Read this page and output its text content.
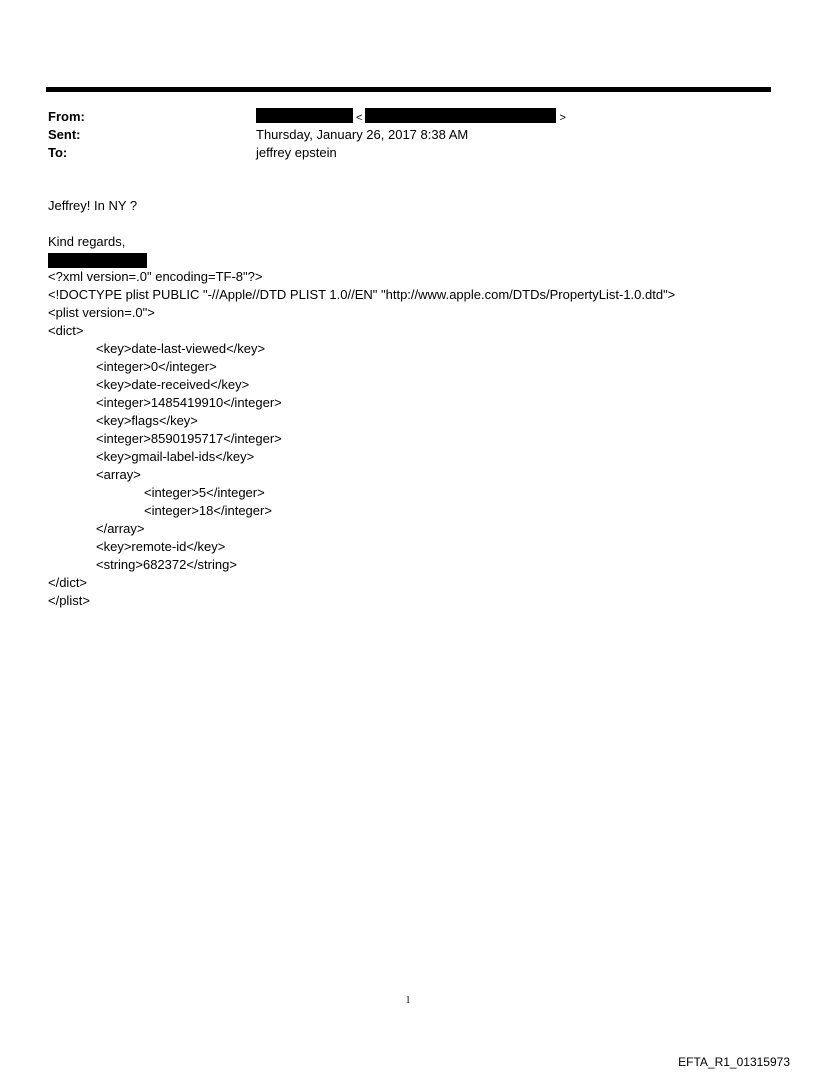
From:	<	>
Sent:	Thursday, January 26, 2017 8:38 AM
To:	jeffrey epstein
Jeffrey! In NY ?
Kind regards,
<?xml version=.0" encoding=TF-8"?>
<!DOCTYPE plist PUBLIC "-//Apple//DTD PLIST 1.0//EN" "http://www.apple.com/DTDs/PropertyList-1.0.dtd">
<plist version=.0">
<dict>
<key>date-last-viewed</key>
<integer>0</integer>
<key>date-received</key>
<integer>1485419910</integer>
<key>flags</key>
<integer>8590195717</integer>
<key>gmail-label-ids</key>
<array>
<integer>5</integer>
<integer>18</integer>
</array>
<key>remote-id</key>
<string>682372</string>
</dict>
</plist>
1
EFTA_R1_01315973
